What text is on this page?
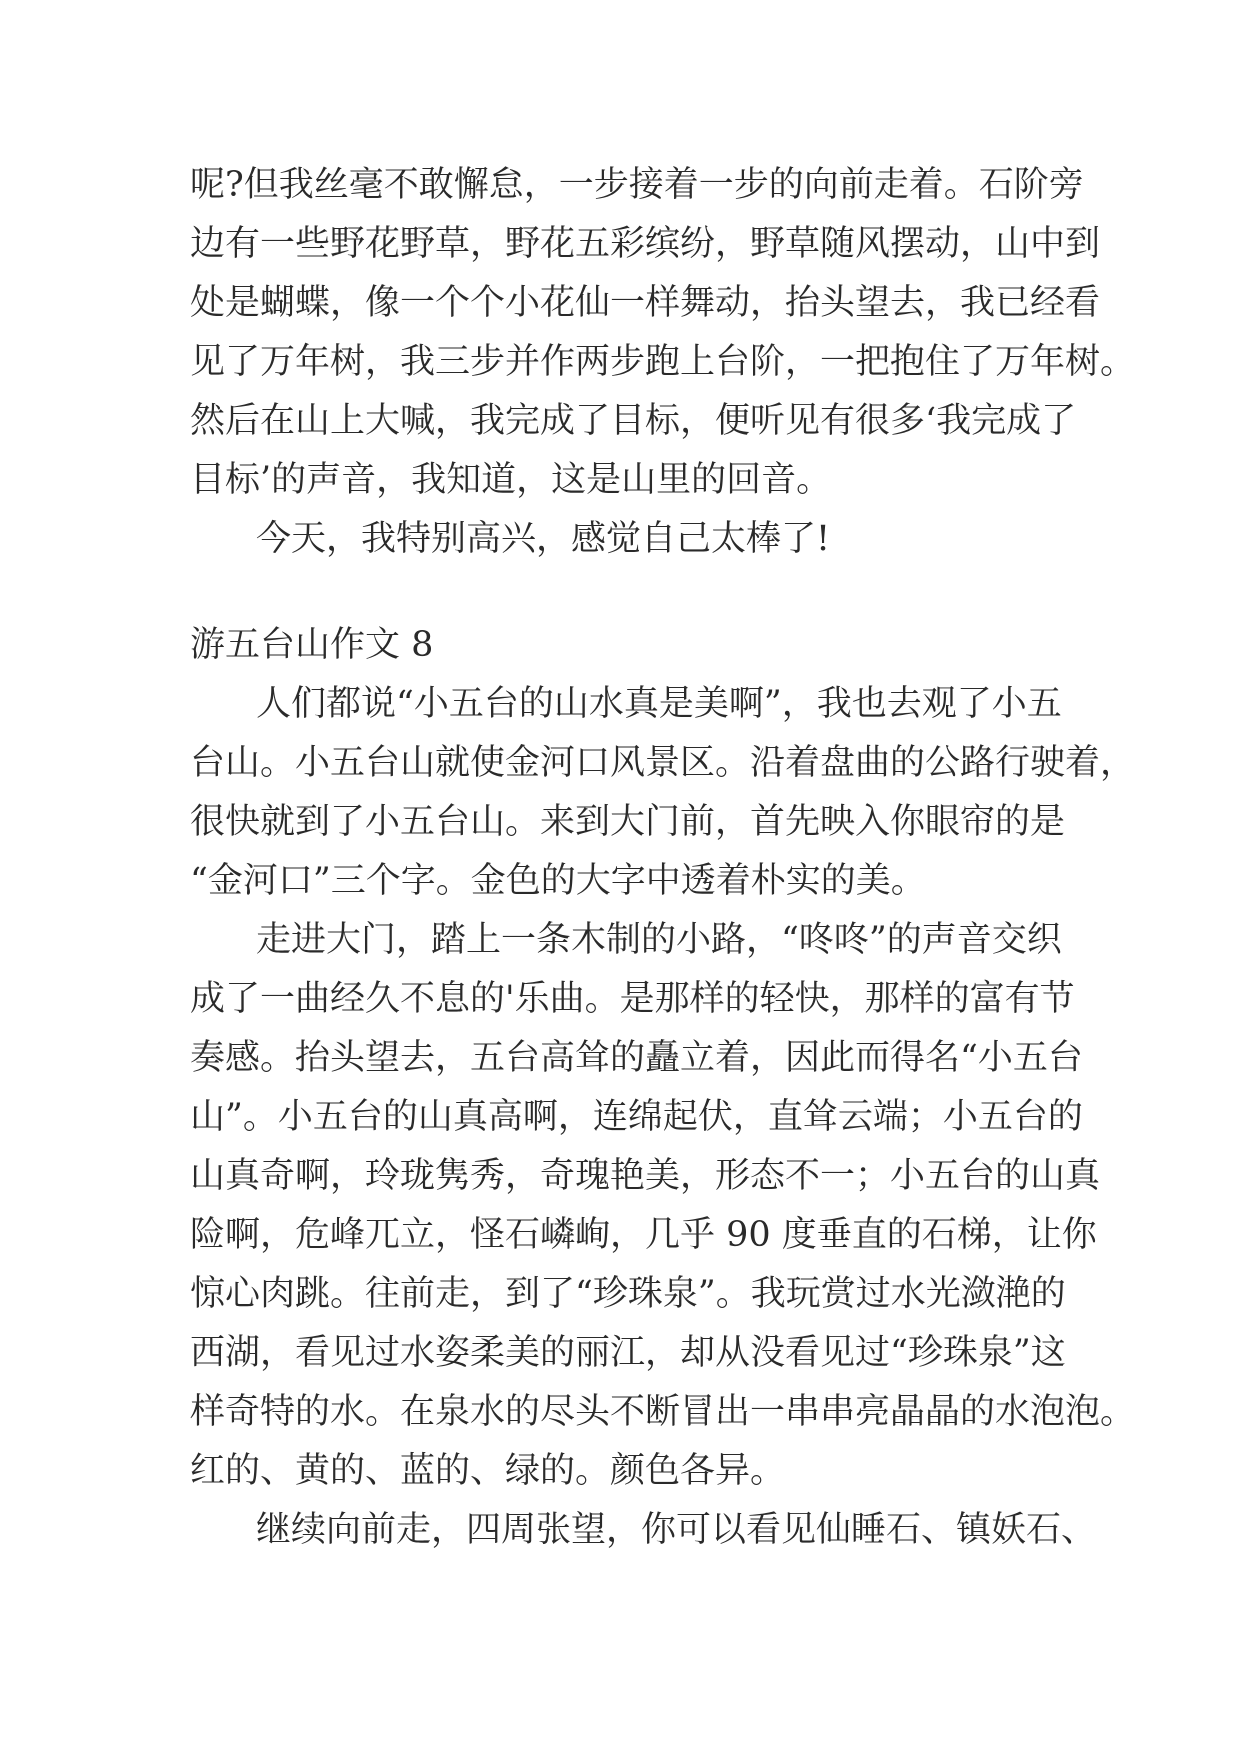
呢?但我丝毫不敢懈怠，一步接着一步的向前走着。石阶旁
边有一些野花野草，野花五彩缤纷，野草随风摆动，山中到
处是蝴蝶，像一个个小花仙一样舞动，抬头望去，我已经看
见了万年树，我三步并作两步跑上台阶，一把抱住了万年树。
然后在山上大喊，我完成了目标，便听见有很多‘我完成了
目标’的声音，我知道，这是山里的回音。
今天，我特别高兴，感觉自己太棒了!
游五台山作文 8
人们都说“小五台的山水真是美啊”，我也去观了小五
台山。小五台山就使金河口风景区。沿着盘曲的公路行驶着，
很快就到了小五台山。来到大门前，首先映入你眼帘的是
“金河口”三个字。金色的大字中透着朴实的美。
走进大门，踏上一条木制的小路，“咚咚”的声音交织
成了一曲经久不息的'乐曲。是那样的轻快，那样的富有节
奏感。抬头望去，五台高耸的矗立着，因此而得名“小五台
山”。小五台的山真高啊，连绵起伏，直耸云端；小五台的
山真奇啊，玲珑隽秀，奇瑰艳美，形态不一；小五台的山真
险啊，危峰兀立，怪石嶙峋，几乎 90 度垂直的石梯，让你
惊心肉跳。往前走，到了“珍珠泉”。我玩赏过水光潋滟的
西湖，看见过水姿柔美的丽江，却从没看见过“珍珠泉”这
样奇特的水。在泉水的尽头不断冒出一串串亮晶晶的水泡泡。
红的、黄的、蓝的、绿的。颜色各异。
继续向前走，四周张望，你可以看见仙睡石、镇妖石、
